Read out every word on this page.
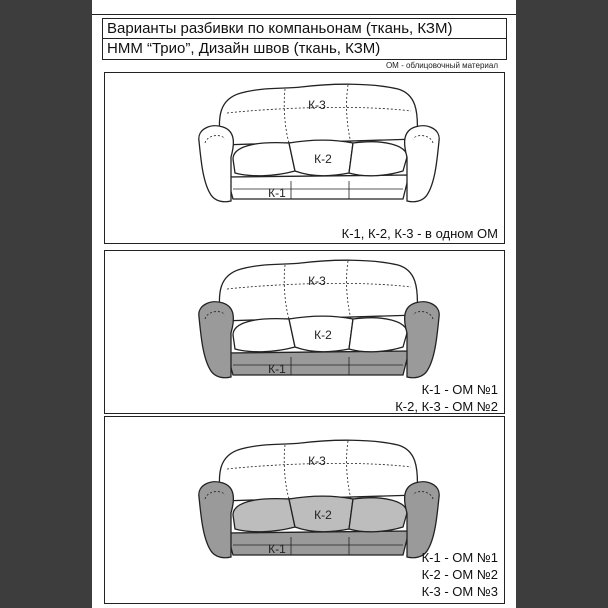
Варианты разбивки по компаньонам (ткань, КЗМ)
НММ “Трио”, Дизайн швов (ткань, КЗМ)
ОМ - облицовочный материал
К-3
К-2
К-1
К-1, К-2, К-3 - в одном ОМ
К-3
К-2
К-1
К-1 - ОМ №1
К-2, К-3 - ОМ №2
К-3
К-2
К-1
К-1 - ОМ №1
К-2 - ОМ №2
К-3 - ОМ №3
